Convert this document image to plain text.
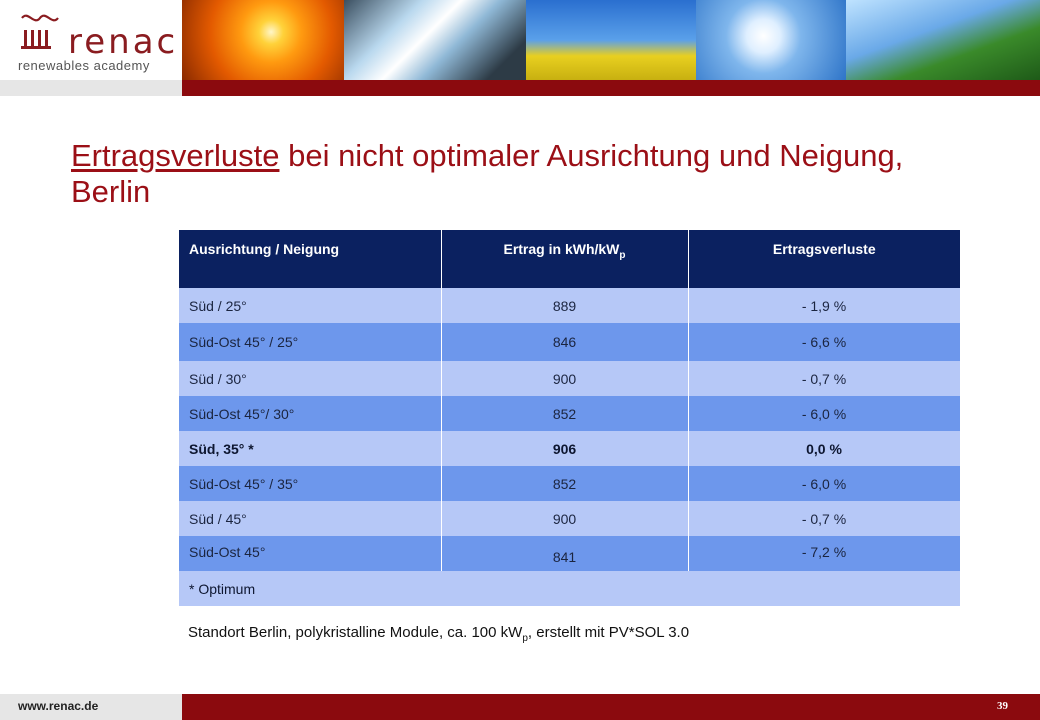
renac
renewables academy
Ertragsverluste bei nicht optimaler Ausrichtung und Neigung, Berlin
Ausrichtung / Neigung	Ertrag in kWh/$kW_p$	Ertragsverluste
Süd / 25°	889	- 1,9 %
Süd-Ost 45° / 25°	846	- 6,6 %
Süd / 30°	900	- 0,7 %
Süd-Ost 45°/ 30°	852	- 6,0 %
Süd, 35° *	906	0,0 %
Süd-Ost 45° / 35°	852	- 6,0 %
Süd / 45°	900	- 0,7 %
Süd-Ost 45°	841	- 7,2 %
* Optimum		
Standort Berlin, polykristalline Module, ca. 100 $kW_p$, erstellt mit PV*SOL 3.0
www.renac.de	39
